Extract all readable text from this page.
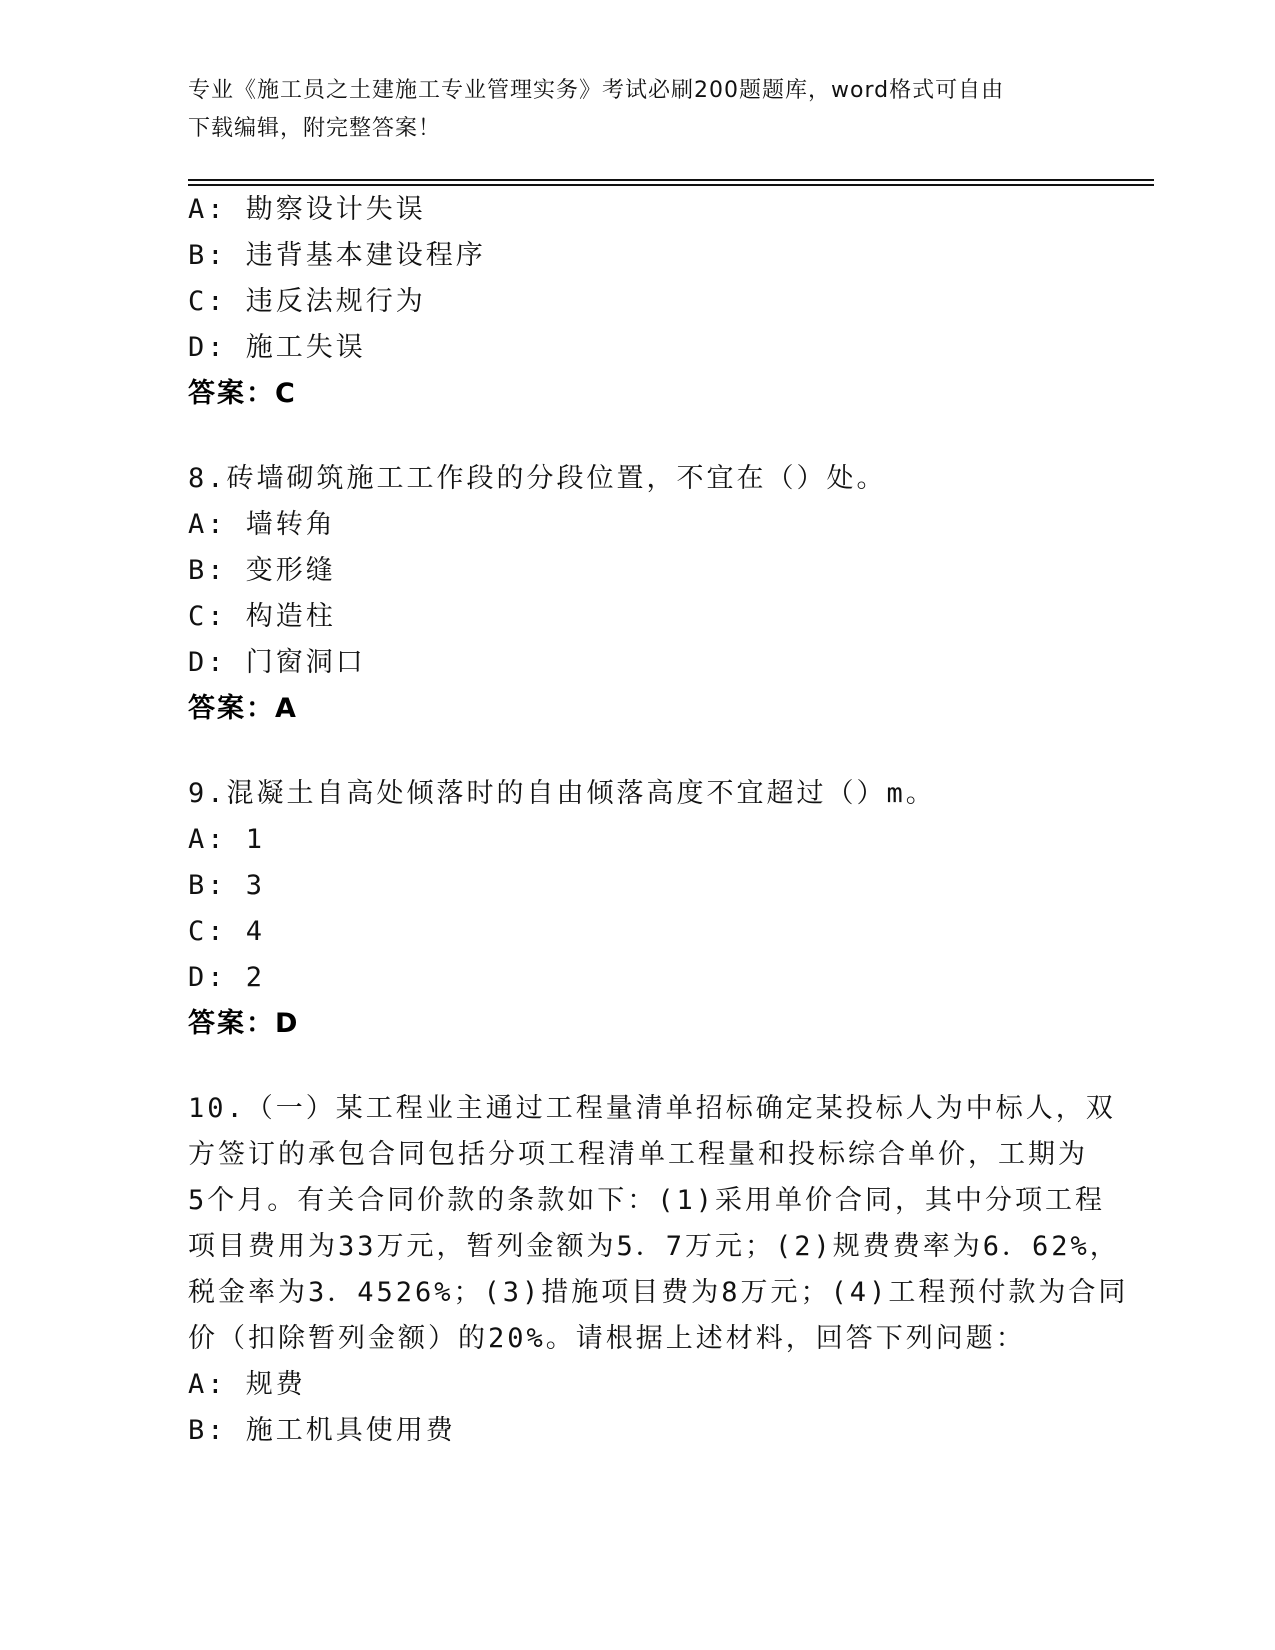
专业《施工员之土建施工专业管理实务》考试必刷200题题库，word格式可自由
下载编辑，附完整答案！
A: 勘察设计失误
B: 违背基本建设程序
C: 违反法规行为
D: 施工失误
答案：C
8.砖墙砌筑施工工作段的分段位置，不宜在（）处。
A: 墙转角
B: 变形缝
C: 构造柱
D: 门窗洞口
答案：A
9.混凝土自高处倾落时的自由倾落高度不宜超过（）m。
A: 1
B: 3
C: 4
D: 2
答案：D
10.（一）某工程业主通过工程量清单招标确定某投标人为中标人，双
方签订的承包合同包括分项工程清单工程量和投标综合单价，工期为
5个月。有关合同价款的条款如下：(1)采用单价合同，其中分项工程
项目费用为33万元，暂列金额为5．7万元；(2)规费费率为6．62%，
税金率为3．4526%；(3)措施项目费为8万元；(4)工程预付款为合同
价（扣除暂列金额）的20%。请根据上述材料，回答下列问题：
A: 规费
B: 施工机具使用费
